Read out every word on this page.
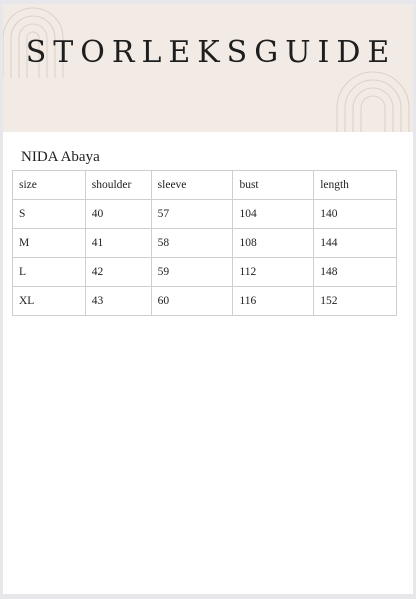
STORLEKSGUIDE
NIDA Abaya
size	shoulder	sleeve	bust	length
S	40	57	104	140
M	41	58	108	144
L	42	59	112	148
XL	43	60	116	152
